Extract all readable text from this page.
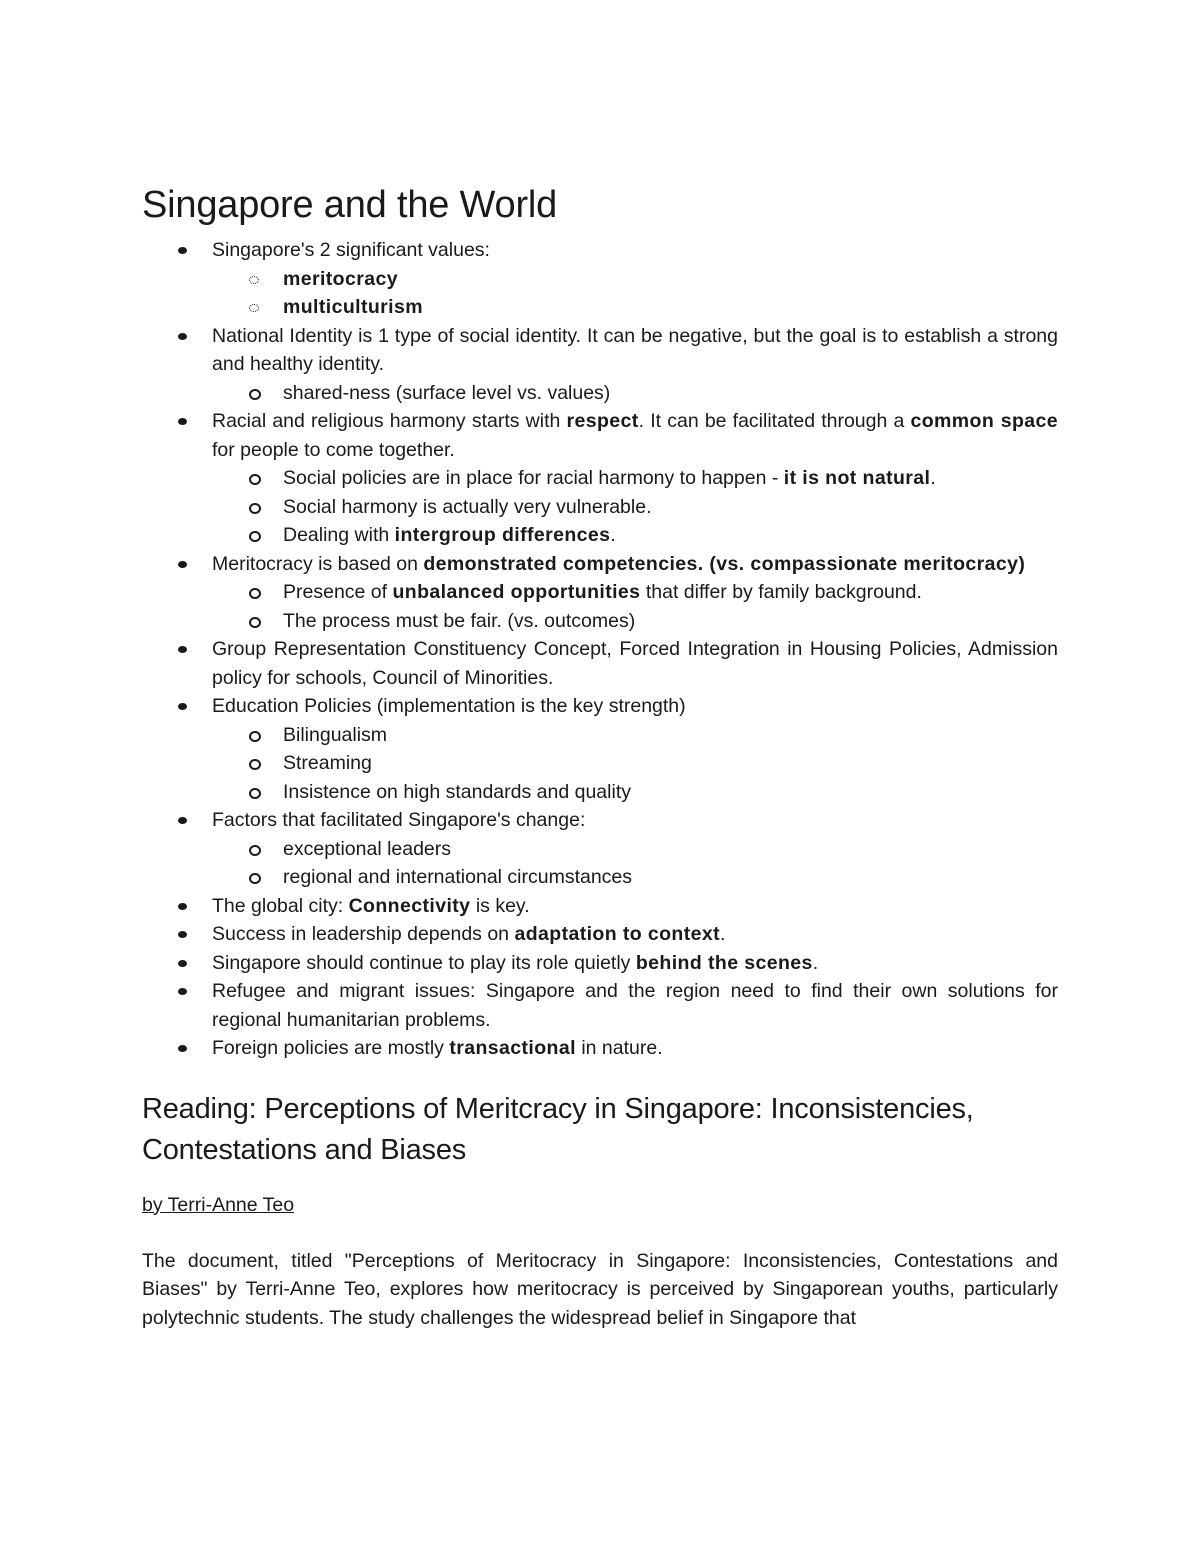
Singapore and the World
Singapore's 2 significant values:
meritocracy
multiculturism
National Identity is 1 type of social identity. It can be negative, but the goal is to establish a strong and healthy identity.
shared-ness (surface level vs. values)
Racial and religious harmony starts with respect. It can be facilitated through a common space for people to come together.
Social policies are in place for racial harmony to happen - it is not natural.
Social harmony is actually very vulnerable.
Dealing with intergroup differences.
Meritocracy is based on demonstrated competencies. (vs. compassionate meritocracy)
Presence of unbalanced opportunities that differ by family background.
The process must be fair. (vs. outcomes)
Group Representation Constituency Concept, Forced Integration in Housing Policies, Admission policy for schools, Council of Minorities.
Education Policies (implementation is the key strength)
Bilingualism
Streaming
Insistence on high standards and quality
Factors that facilitated Singapore's change:
exceptional leaders
regional and international circumstances
The global city: Connectivity is key.
Success in leadership depends on adaptation to context.
Singapore should continue to play its role quietly behind the scenes.
Refugee and migrant issues: Singapore and the region need to find their own solutions for regional humanitarian problems.
Foreign policies are mostly transactional in nature.
Reading: Perceptions of Meritcracy in Singapore: Inconsistencies, Contestations and Biases
by Terri-Anne Teo

The document, titled "Perceptions of Meritocracy in Singapore: Inconsistencies, Contestations and Biases" by Terri-Anne Teo, explores how meritocracy is perceived by Singaporean youths, particularly polytechnic students. The study challenges the widespread belief in Singapore that
